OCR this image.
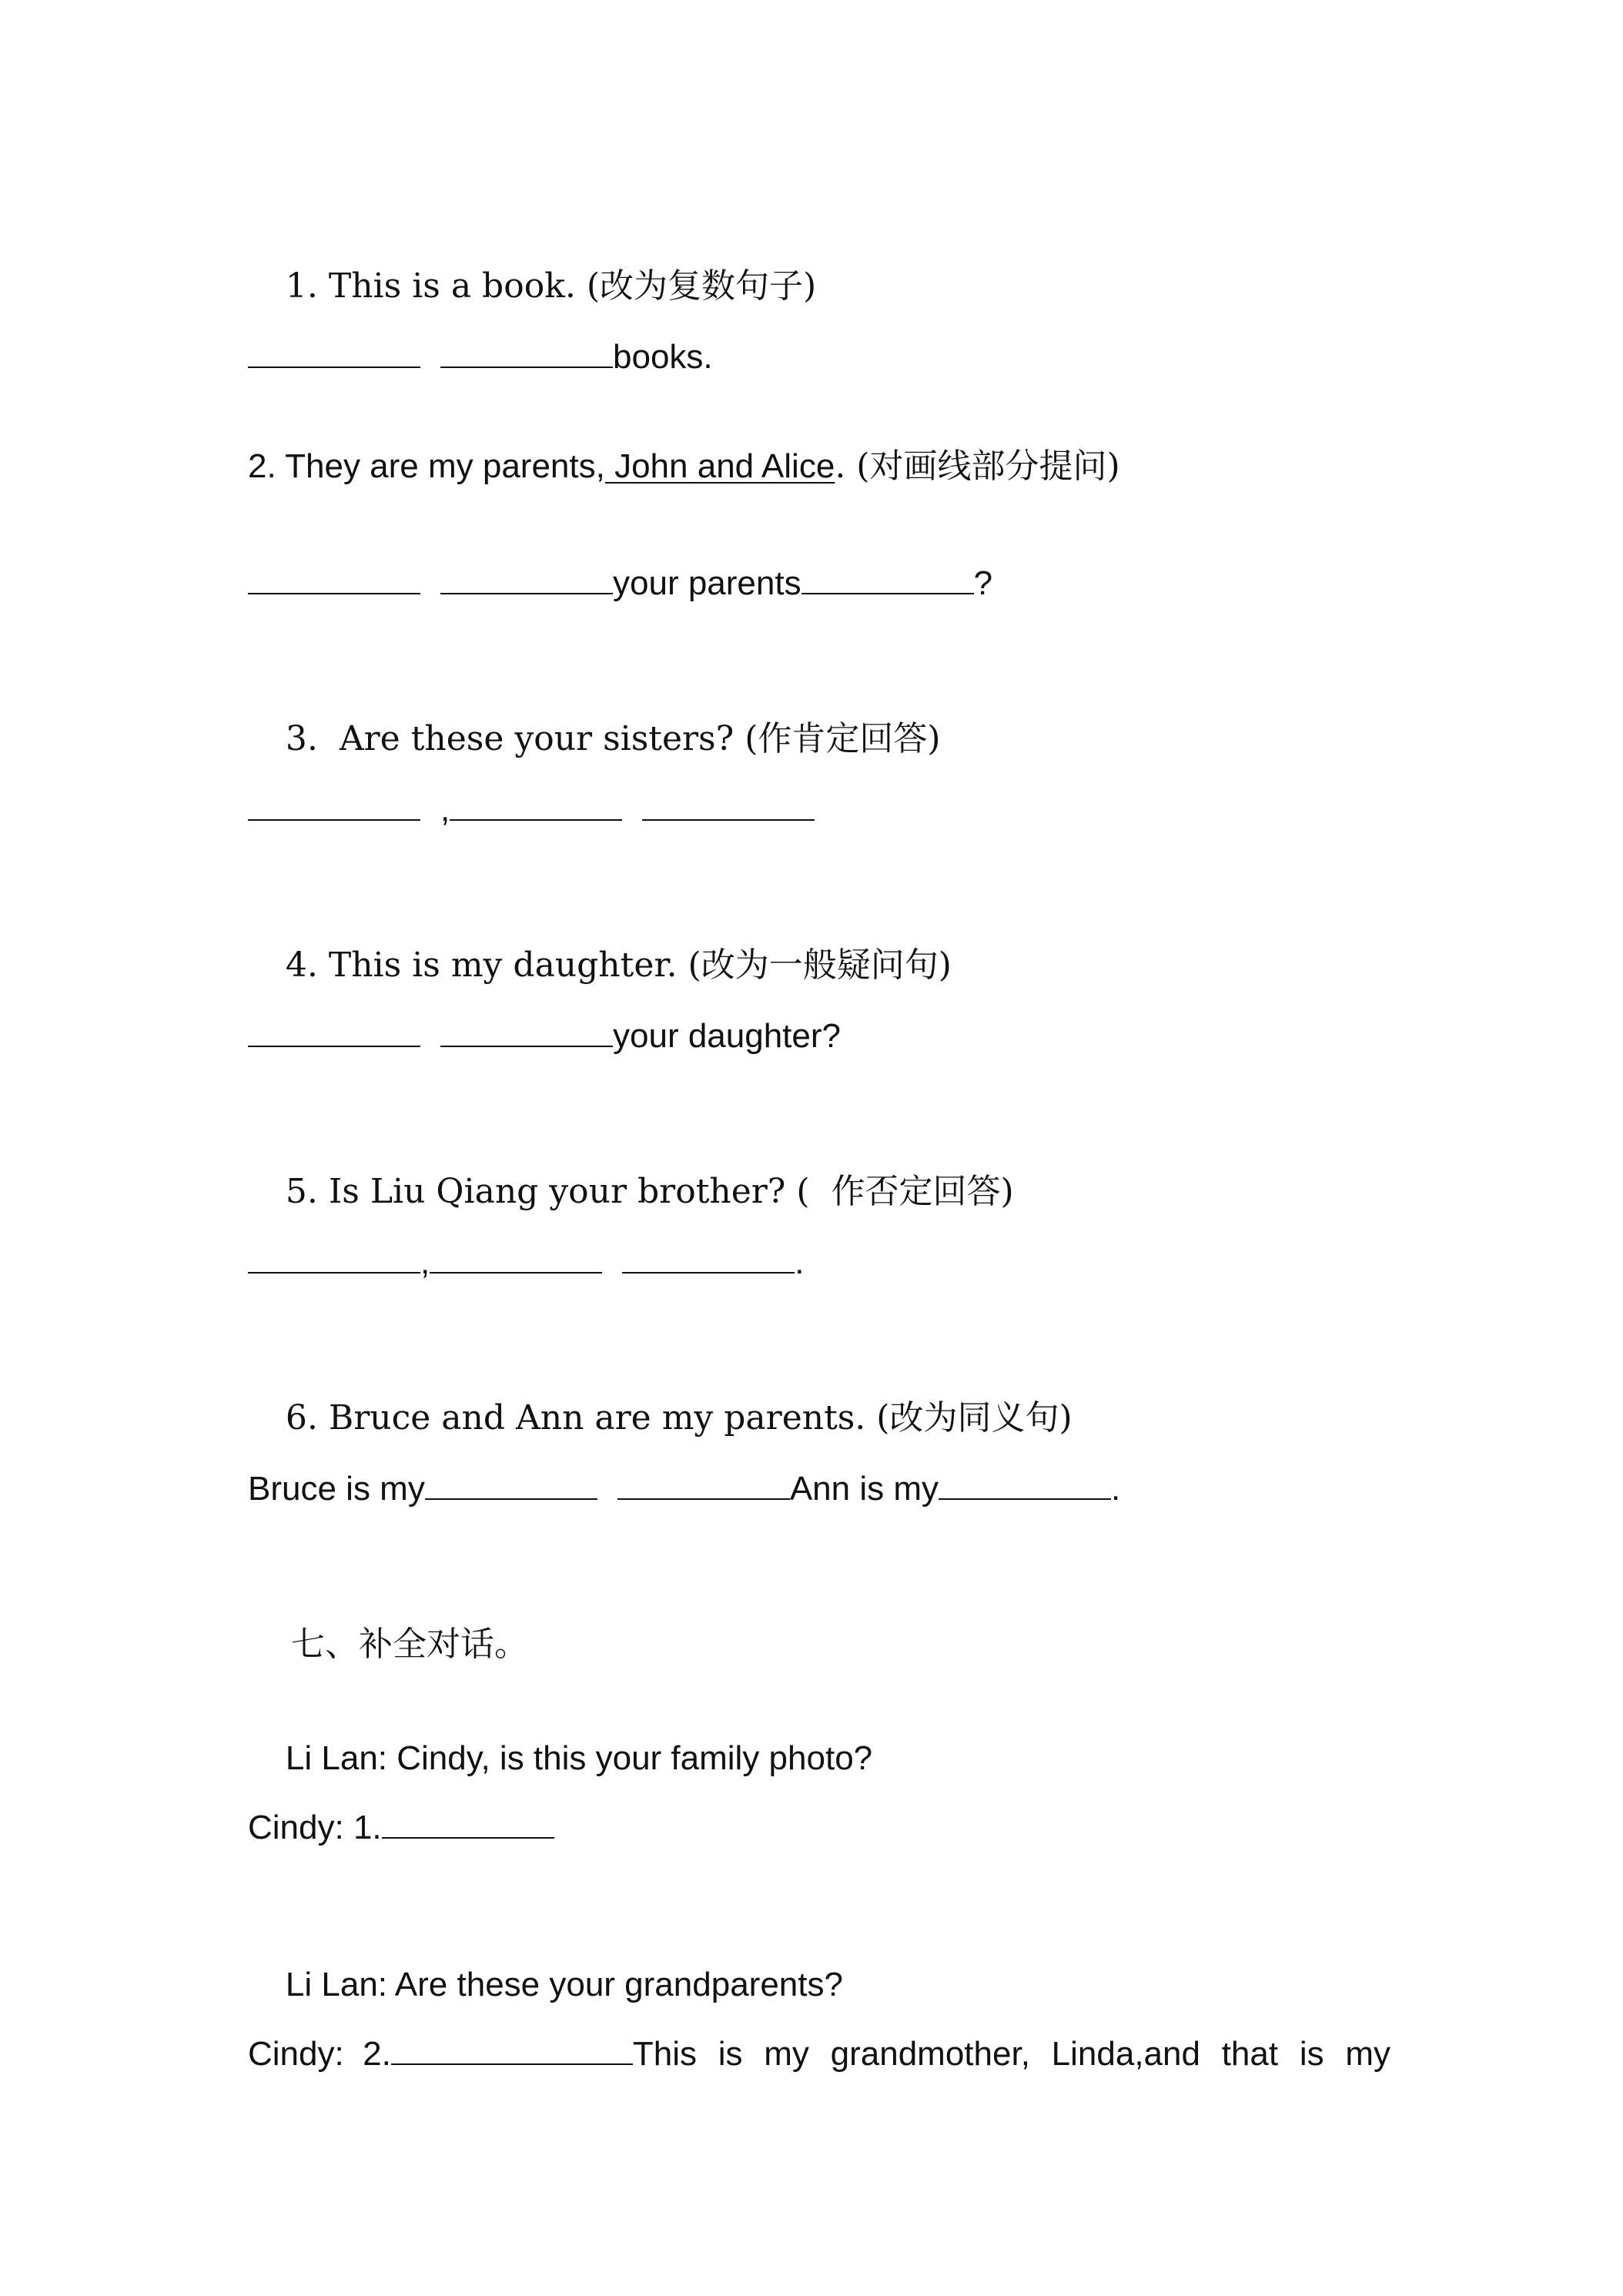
1. This is a book. (改为复数句子)

books.
2. They are my parents, John and Alice. (对画线部分提问)
your parents	?

3.  Are these your sisters? (作肯定回答)

,

4. This is my daughter. (改为一般疑问句)

your daughter?

5. Is Liu Qiang your brother? (  作否定回答)

,	.

6. Bruce and Ann are my parents. (改为同义句)

Bruce is my	Ann is my	.

七、补全对话。

Li Lan: Cindy, is this your family photo?

Cindy: 1.

Li Lan: Are these your grandparents?

Cindy:  2.	This is my grandmother, Linda,and that is my
